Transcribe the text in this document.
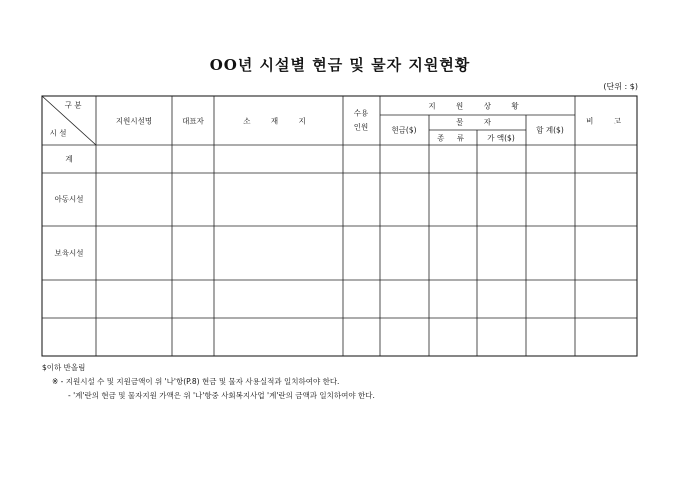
OO년 시설별 현금 및 물자 지원현황
(단위 : $)
구 분
시 설
지원시설명	대표자	소 재 지
수용
인원
지 원 상 황
현금($)
물 자
종 류 가 액($)
합 계($)
비 고
계
아동시설
보육시설
$이하 반올림
※ - 지원시설 수 및 지원금액이 위 '나'항(P.8) 현금 및 물자 사용실적과 일치하여야 한다.
- '계'란의 현금 및 물자지원 가액은 위 '나'항중 사회복지사업 '계'란의 금액과 일치하여야 한다.
